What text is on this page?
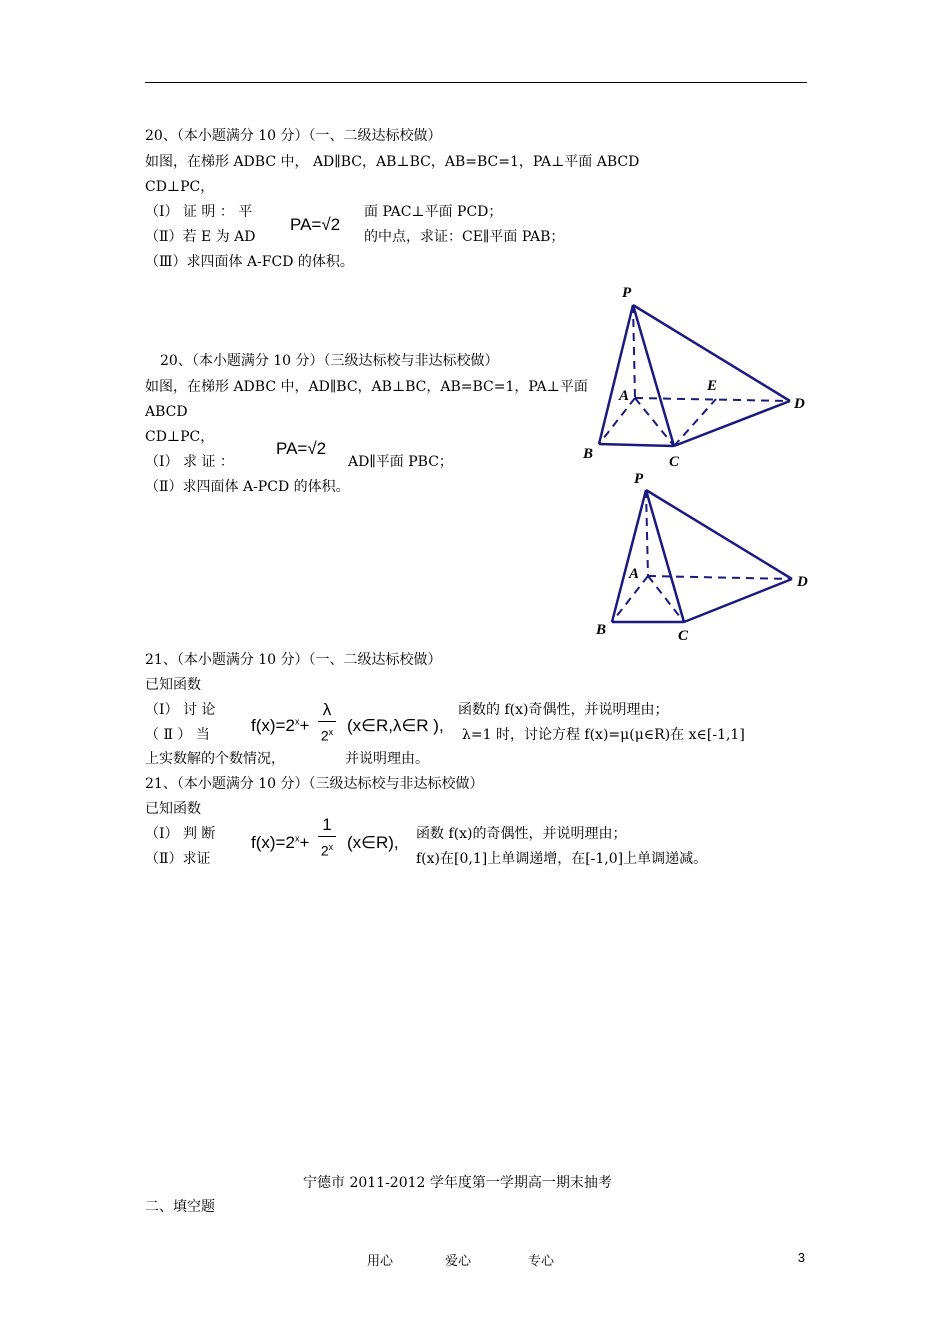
20、（本小题满分 10 分）（一、二级达标校做）
如图，在梯形 ADBC 中， AD∥BC，AB⊥BC，AB=BC=1，PA⊥平面 ABCD
CD⊥PC，
（Ⅰ） 证 明 ： 平	面 PAC⊥平面 PCD；
PA=√2
（Ⅱ）若 E 为 AD	的中点，求证：CE∥平面 PAB；
（Ⅲ）求四面体 A-FCD 的体积。
P
A
E
D
B	C
20、（本小题满分 10 分）（三级达标校与非达标校做）
如图，在梯形 ADBC 中，AD∥BC，AB⊥BC，AB=BC=1，PA⊥平面
ABCD
CD⊥PC，
PA=√2
（Ⅰ） 求 证 ：	AD∥平面 PBC；
（Ⅱ）求四面体 A-PCD 的体积。	P
A	D
B	C
21、（本小题满分 10 分）（一、二级达标校做）
已知函数
（Ⅰ） 讨 论	函数的 f(x)奇偶性，并说明理由；
（ Ⅱ ） 当	λ=1 时，讨论方程 f(x)=μ(μ∈R)在 x∈[-1,1]
上实数解的个数情况，	并说明理由。
$f(x)=2^x+$
λ
2$^x$ (x∈R,λ∈R ),
21、（本小题满分 10 分）（三级达标校与非达标校做）
已知函数
（Ⅰ） 判 断	函数 f(x)的奇偶性，并说明理由；
（Ⅱ）求证	f(x)在[0,1]上单调递增，在[-1,0]上单调递减。
$f(x)=2^x+$
1
2$^x$ (x∈R),
宁德市 2011-2012 学年度第一学期高一期末抽考
二、填空题
用心	爱心	专心	3
